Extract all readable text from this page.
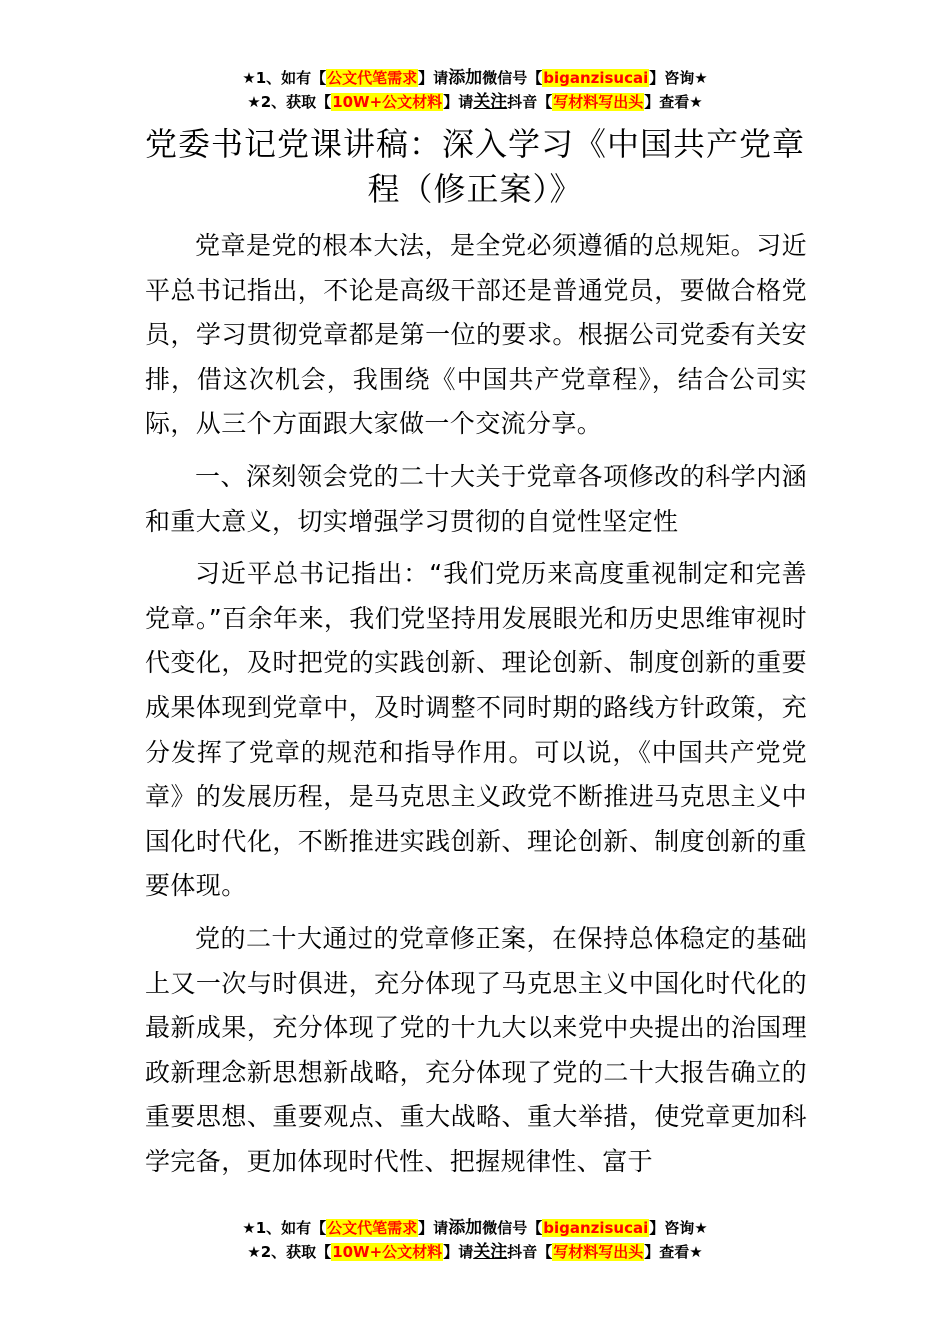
★1、如有【公文代笔需求】请添加微信号【biganzisucai】咨询★
★2、获取【10W+公文材料】请关注抖音【写材料写出头】查看★
党委书记党课讲稿：深入学习《中国共产党章程（修正案）》

党章是党的根本大法，是全党必须遵循的总规矩。习近平总书记指出，不论是高级干部还是普通党员，要做合格党员，学习贯彻党章都是第一位的要求。根据公司党委有关安排，借这次机会，我围绕《中国共产党章程》，结合公司实际，从三个方面跟大家做一个交流分享。

一、深刻领会党的二十大关于党章各项修改的科学内涵和重大意义，切实增强学习贯彻的自觉性坚定性

习近平总书记指出：“我们党历来高度重视制定和完善党章。”百余年来，我们党坚持用发展眼光和历史思维审视时代变化，及时把党的实践创新、理论创新、制度创新的重要成果体现到党章中，及时调整不同时期的路线方针政策，充分发挥了党章的规范和指导作用。可以说，《中国共产党党章》的发展历程，是马克思主义政党不断推进马克思主义中国化时代化，不断推进实践创新、理论创新、制度创新的重要体现。

党的二十大通过的党章修正案，在保持总体稳定的基础上又一次与时俱进，充分体现了马克思主义中国化时代化的最新成果，充分体现了党的十九大以来党中央提出的治国理政新理念新思想新战略，充分体现了党的二十大报告确立的重要思想、重要观点、重大战略、重大举措，使党章更加科学完备，更加体现时代性、把握规律性、富于

★1、如有【公文代笔需求】请添加微信号【biganzisucai】咨询★
★2、获取【10W+公文材料】请关注抖音【写材料写出头】查看★
